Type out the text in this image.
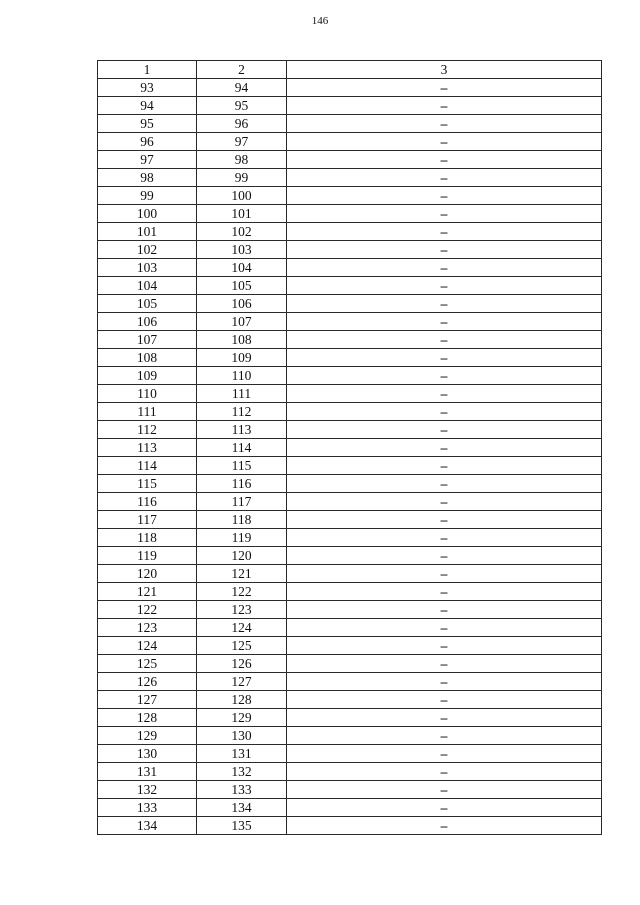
146
1	2	3
93	94	–
94	95	–
95	96	–
96	97	–
97	98	–
98	99	–
99	100	–
100	101	–
101	102	–
102	103	–
103	104	–
104	105	–
105	106	–
106	107	–
107	108	–
108	109	–
109	110	–
110	111	–
111	112	–
112	113	–
113	114	–
114	115	–
115	116	–
116	117	–
117	118	–
118	119	–
119	120	–
120	121	–
121	122	–
122	123	–
123	124	–
124	125	–
125	126	–
126	127	–
127	128	–
128	129	–
129	130	–
130	131	–
131	132	–
132	133	–
133	134	–
134	135	–
